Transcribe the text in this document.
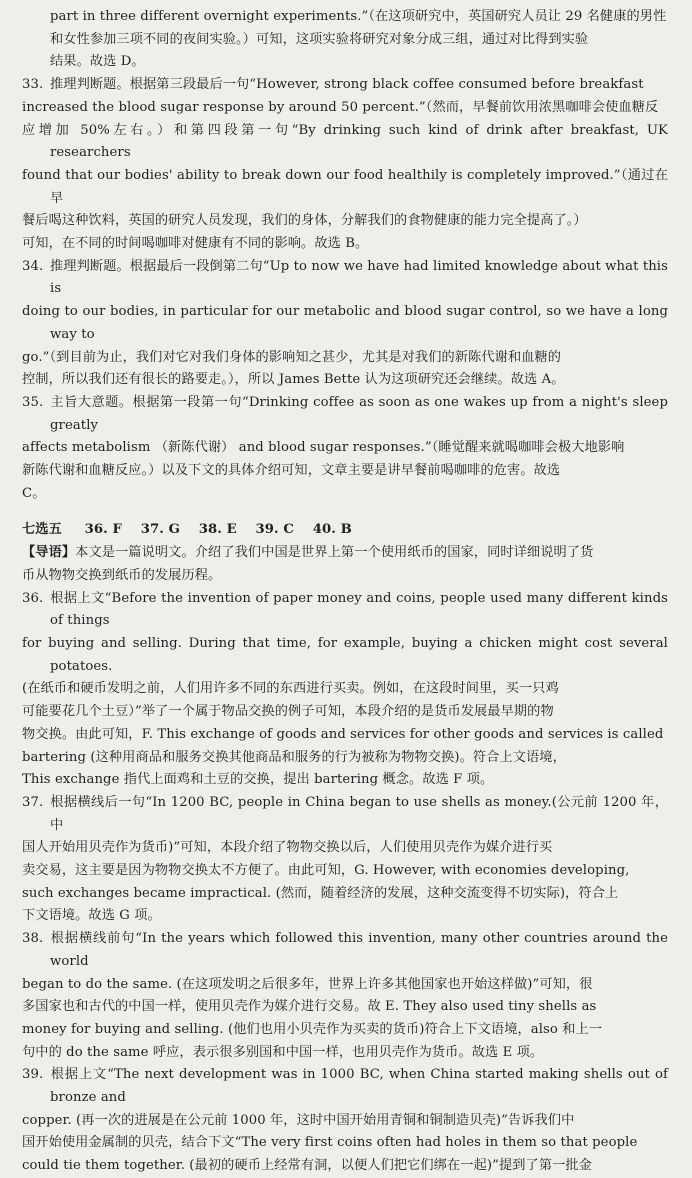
part in three different overnight experiments.”（在这项研究中，英国研究人员让 29 名健康的男性
和女性参加三项不同的夜间实验。）可知，这项实验将研究对象分成三组，通过对比得到实验
结果。故选 D。
33. 推理判断题。根据第三段最后一句“However, strong black coffee consumed before breakfast
increased the blood sugar response by around 50 percent.”（然而，早餐前饮用浓黑咖啡会使血糖反
应增加 50%左右。）和第四段第一句“By drinking such kind of drink after breakfast, UK researchers
found that our bodies' ability to break down our food healthily is completely improved.”（通过在早
餐后喝这种饮料，英国的研究人员发现，我们的身体，分解我们的食物健康的能力完全提高了。）
可知，在不同的时间喝咖啡对健康有不同的影响。故选 B。
34. 推理判断题。根据最后一段倒第二句“Up to now we have had limited knowledge about what this is
doing to our bodies, in particular for our metabolic and blood sugar control, so we have a long way to
go.”（到目前为止，我们对它对我们身体的影响知之甚少，尤其是对我们的新陈代谢和血糖的
控制，所以我们还有很长的路要走。），所以 James Bette 认为这项研究还会继续。故选 A。
35. 主旨大意题。根据第一段第一句“Drinking coffee as soon as one wakes up from a night's sleep greatly
affects metabolism （新陈代谢） and blood sugar responses.”（睡觉醒来就喝咖啡会极大地影响
新陈代谢和血糖反应。）以及下文的具体介绍可知，文章主要是讲早餐前喝咖啡的危害。故选
C。
七选五 36. F 37. G 38. E 39. C 40. B
【导语】本文是一篇说明文。介绍了我们中国是世界上第一个使用纸币的国家，同时详细说明了货
币从物物交换到纸币的发展历程。
36. 根据上文“Before the invention of paper money and coins, people used many different kinds of things
for buying and selling. During that time, for example, buying a chicken might cost several potatoes.
(在纸币和硬币发明之前，人们用许多不同的东西进行买卖。例如，在这段时间里，买一只鸡
可能要花几个土豆）”举了一个属于物品交换的例子可知，本段介绍的是货币发展最早期的物
物交换。由此可知，F. This exchange of goods and services for other goods and services is called
bartering (这种用商品和服务交换其他商品和服务的行为被称为物物交换)。符合上文语境，
This exchange 指代上面鸡和土豆的交换，提出 bartering 概念。故选 F 项。
37. 根据横线后一句“In 1200 BC, people in China began to use shells as money.(公元前 1200 年，中
国人开始用贝壳作为货币)”可知，本段介绍了物物交换以后，人们使用贝壳作为媒介进行买
卖交易，这主要是因为物物交换太不方便了。由此可知，G. However, with economies developing,
such exchanges became impractical. (然而，随着经济的发展，这种交流变得不切实际)，符合上
下文语境。故选 G 项。
38. 根据横线前句“In the years which followed this invention, many other countries around the world
began to do the same. (在这项发明之后很多年，世界上许多其他国家也开始这样做)”可知，很
多国家也和古代的中国一样，使用贝壳作为媒介进行交易。故 E. They also used tiny shells as
money for buying and selling. (他们也用小贝壳作为买卖的货币)符合上下文语境，also 和上一
句中的 do the same 呼应，表示很多别国和中国一样，也用贝壳作为货币。故选 E 项。
39. 根据上文“The next development was in 1000 BC, when China started making shells out of bronze and
copper. (再一次的进展是在公元前 1000 年，这时中国开始用青铜和铜制造贝壳)”告诉我们中
国开始使用金属制的贝壳，结合下文“The very first coins often had holes in them so that people
could tie them together. (最初的硬币上经常有洞，以便人们把它们绑在一起)”提到了第一批金
